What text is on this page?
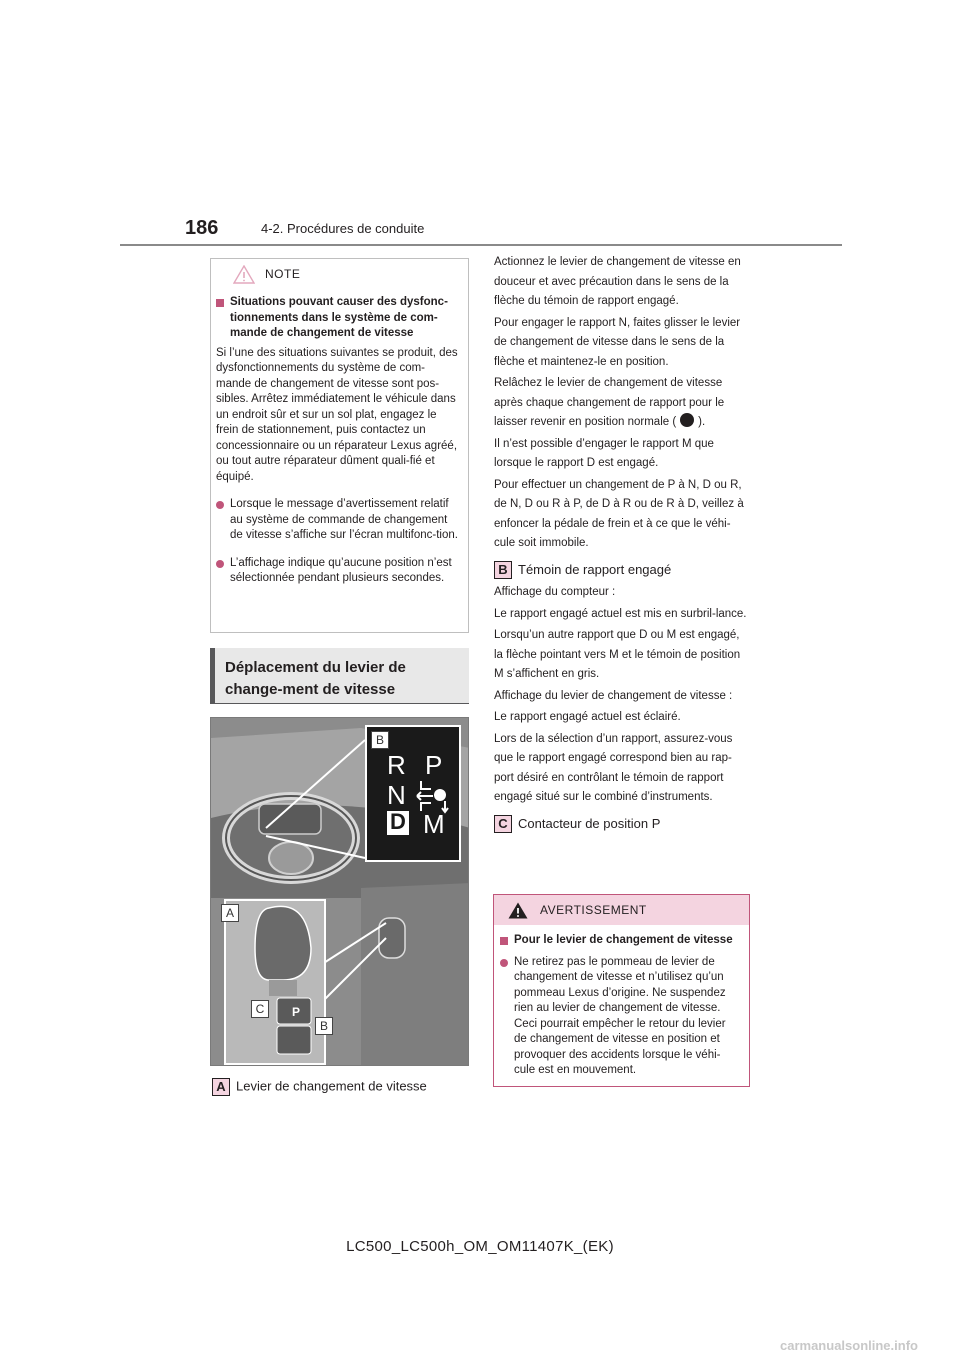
186	4-2. Procédures de conduite
NOTE
Situations pouvant causer des dysfonc-tionnements dans le système de com-mande de changement de vitesse
Si l’une des situations suivantes se produit, des dysfonctionnements du système de com-mande de changement de vitesse sont pos-sibles. Arrêtez immédiatement le véhicule dans un endroit sûr et sur un sol plat, engagez le frein de stationnement, puis contactez un concessionnaire ou un réparateur Lexus agréé, ou tout autre réparateur dûment quali-fié et équipé.
Lorsque le message d’avertissement relatif au système de commande de changement de vitesse s’affiche sur l’écran multifonc-tion.
L’affichage indique qu’aucune position n’est sélectionnée pendant plusieurs secondes.
Déplacement du levier de change-ment de vitesse
A
C
B
P
B
R P
N
D M
A Levier de changement de vitesse

Actionnez le levier de changement de vitesse en douceur et avec précaution dans le sens de la flèche du témoin de rapport engagé.

Pour engager le rapport N, faites glisser le levier de changement de vitesse dans le sens de la flèche et maintenez-le en position.

Relâchez le levier de changement de vitesse après chaque changement de rapport pour le laisser revenir en position normale ( ).

Il n’est possible d’engager le rapport M que lorsque le rapport D est engagé.

Pour effectuer un changement de P à N, D ou R, de N, D ou R à P, de D à R ou de R à D, veillez à enfoncer la pédale de frein et à ce que le véhi-cule soit immobile.

B Témoin de rapport engagé

Affichage du compteur :

Le rapport engagé actuel est mis en surbril-lance.

Lorsqu’un autre rapport que D ou M est engagé, la flèche pointant vers M et le témoin de position M s’affichent en gris.

Affichage du levier de changement de vitesse :

Le rapport engagé actuel est éclairé.

Lors de la sélection d’un rapport, assurez-vous que le rapport engagé correspond bien au rap-port désiré en contrôlant le témoin de rapport engagé situé sur le combiné d’instruments.

C Contacteur de position P
AVERTISSEMENT
Pour le levier de changement de vitesse
Ne retirez pas le pommeau de levier de changement de vitesse et n’utilisez qu’un pommeau Lexus d’origine. Ne suspendez rien au levier de changement de vitesse. Ceci pourrait empêcher le retour du levier de changement de vitesse en position et provoquer des accidents lorsque le véhi-cule est en mouvement.
LC500_LC500h_OM_OM11407K_(EK)
carmanualsonline.info
